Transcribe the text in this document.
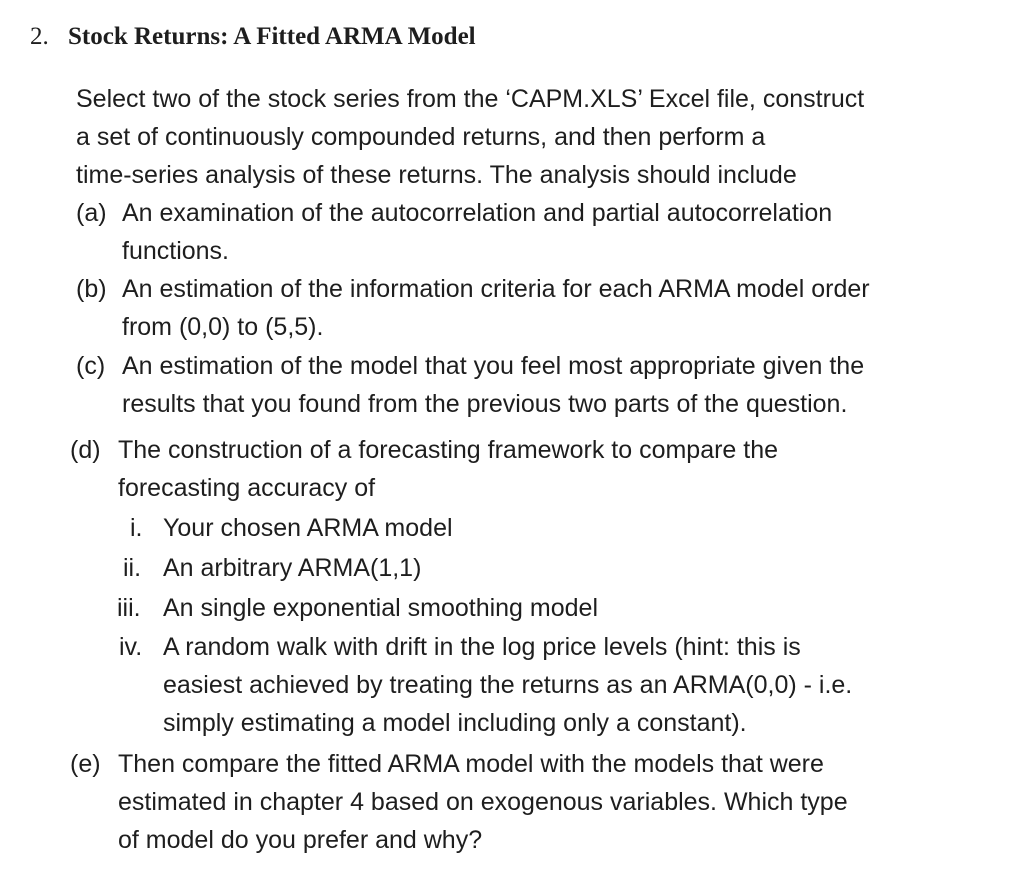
2. Stock Returns: A Fitted ARMA Model
Select two of the stock series from the ‘CAPM.XLS’ Excel file, construct
a set of continuously compounded returns, and then perform a
time-series analysis of these returns. The analysis should include
(a) An examination of the autocorrelation and partial autocorrelation
functions.
(b) An estimation of the information criteria for each ARMA model order
from (0,0) to (5,5).
(c) An estimation of the model that you feel most appropriate given the
results that you found from the previous two parts of the question.
(d) The construction of a forecasting framework to compare the
forecasting accuracy of
i. Your chosen ARMA model
ii. An arbitrary ARMA(1,1)
iii. An single exponential smoothing model
iv. A random walk with drift in the log price levels (hint: this is
easiest achieved by treating the returns as an ARMA(0,0) - i.e.
simply estimating a model including only a constant).
(e) Then compare the fitted ARMA model with the models that were
estimated in chapter 4 based on exogenous variables. Which type
of model do you prefer and why?
